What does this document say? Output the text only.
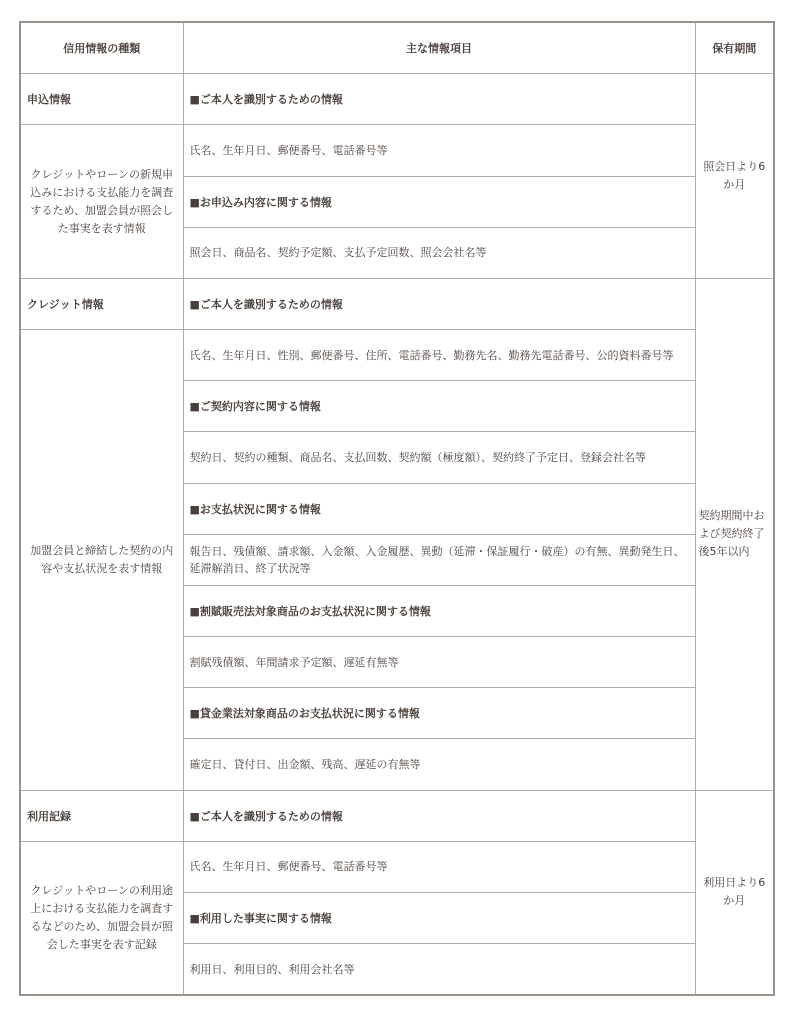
信用情報の種類	主な情報項目	保有期間
申込情報	■ご本人を識別するための情報	照会日より6か月
クレジットやローンの新規申込みにおける支払能力を調査するため、加盟会員が照会した事実を表す情報	氏名、生年月日、郵便番号、電話番号等	
	■お申込み内容に関する情報	
	照会日、商品名、契約予定額、支払予定回数、照会会社名等	
クレジット情報	■ご本人を識別するための情報	契約期間中および契約終了後5年以内
加盟会員と締結した契約の内容や支払状況を表す情報	氏名、生年月日、性別、郵便番号、住所、電話番号、勤務先名、勤務先電話番号、公的資料番号等	
	■ご契約内容に関する情報	
	契約日、契約の種類、商品名、支払回数、契約額（極度額）、契約終了予定日、登録会社名等	
	■お支払状況に関する情報	
	報告日、残債額、請求額、入金額、入金履歴、異動（延滞・保証履行・破産）の有無、異動発生日、延滞解消日、終了状況等	
	■割賦販売法対象商品のお支払状況に関する情報	
	割賦残債額、年間請求予定額、遅延有無等	
	■貸金業法対象商品のお支払状況に関する情報	
	確定日、貸付日、出金額、残高、遅延の有無等	
利用記録	■ご本人を識別するための情報	利用日より6か月
クレジットやローンの利用途上における支払能力を調査するなどのため、加盟会員が照会した事実を表す記録	氏名、生年月日、郵便番号、電話番号等	
	■利用した事実に関する情報	
	利用日、利用目的、利用会社名等	
